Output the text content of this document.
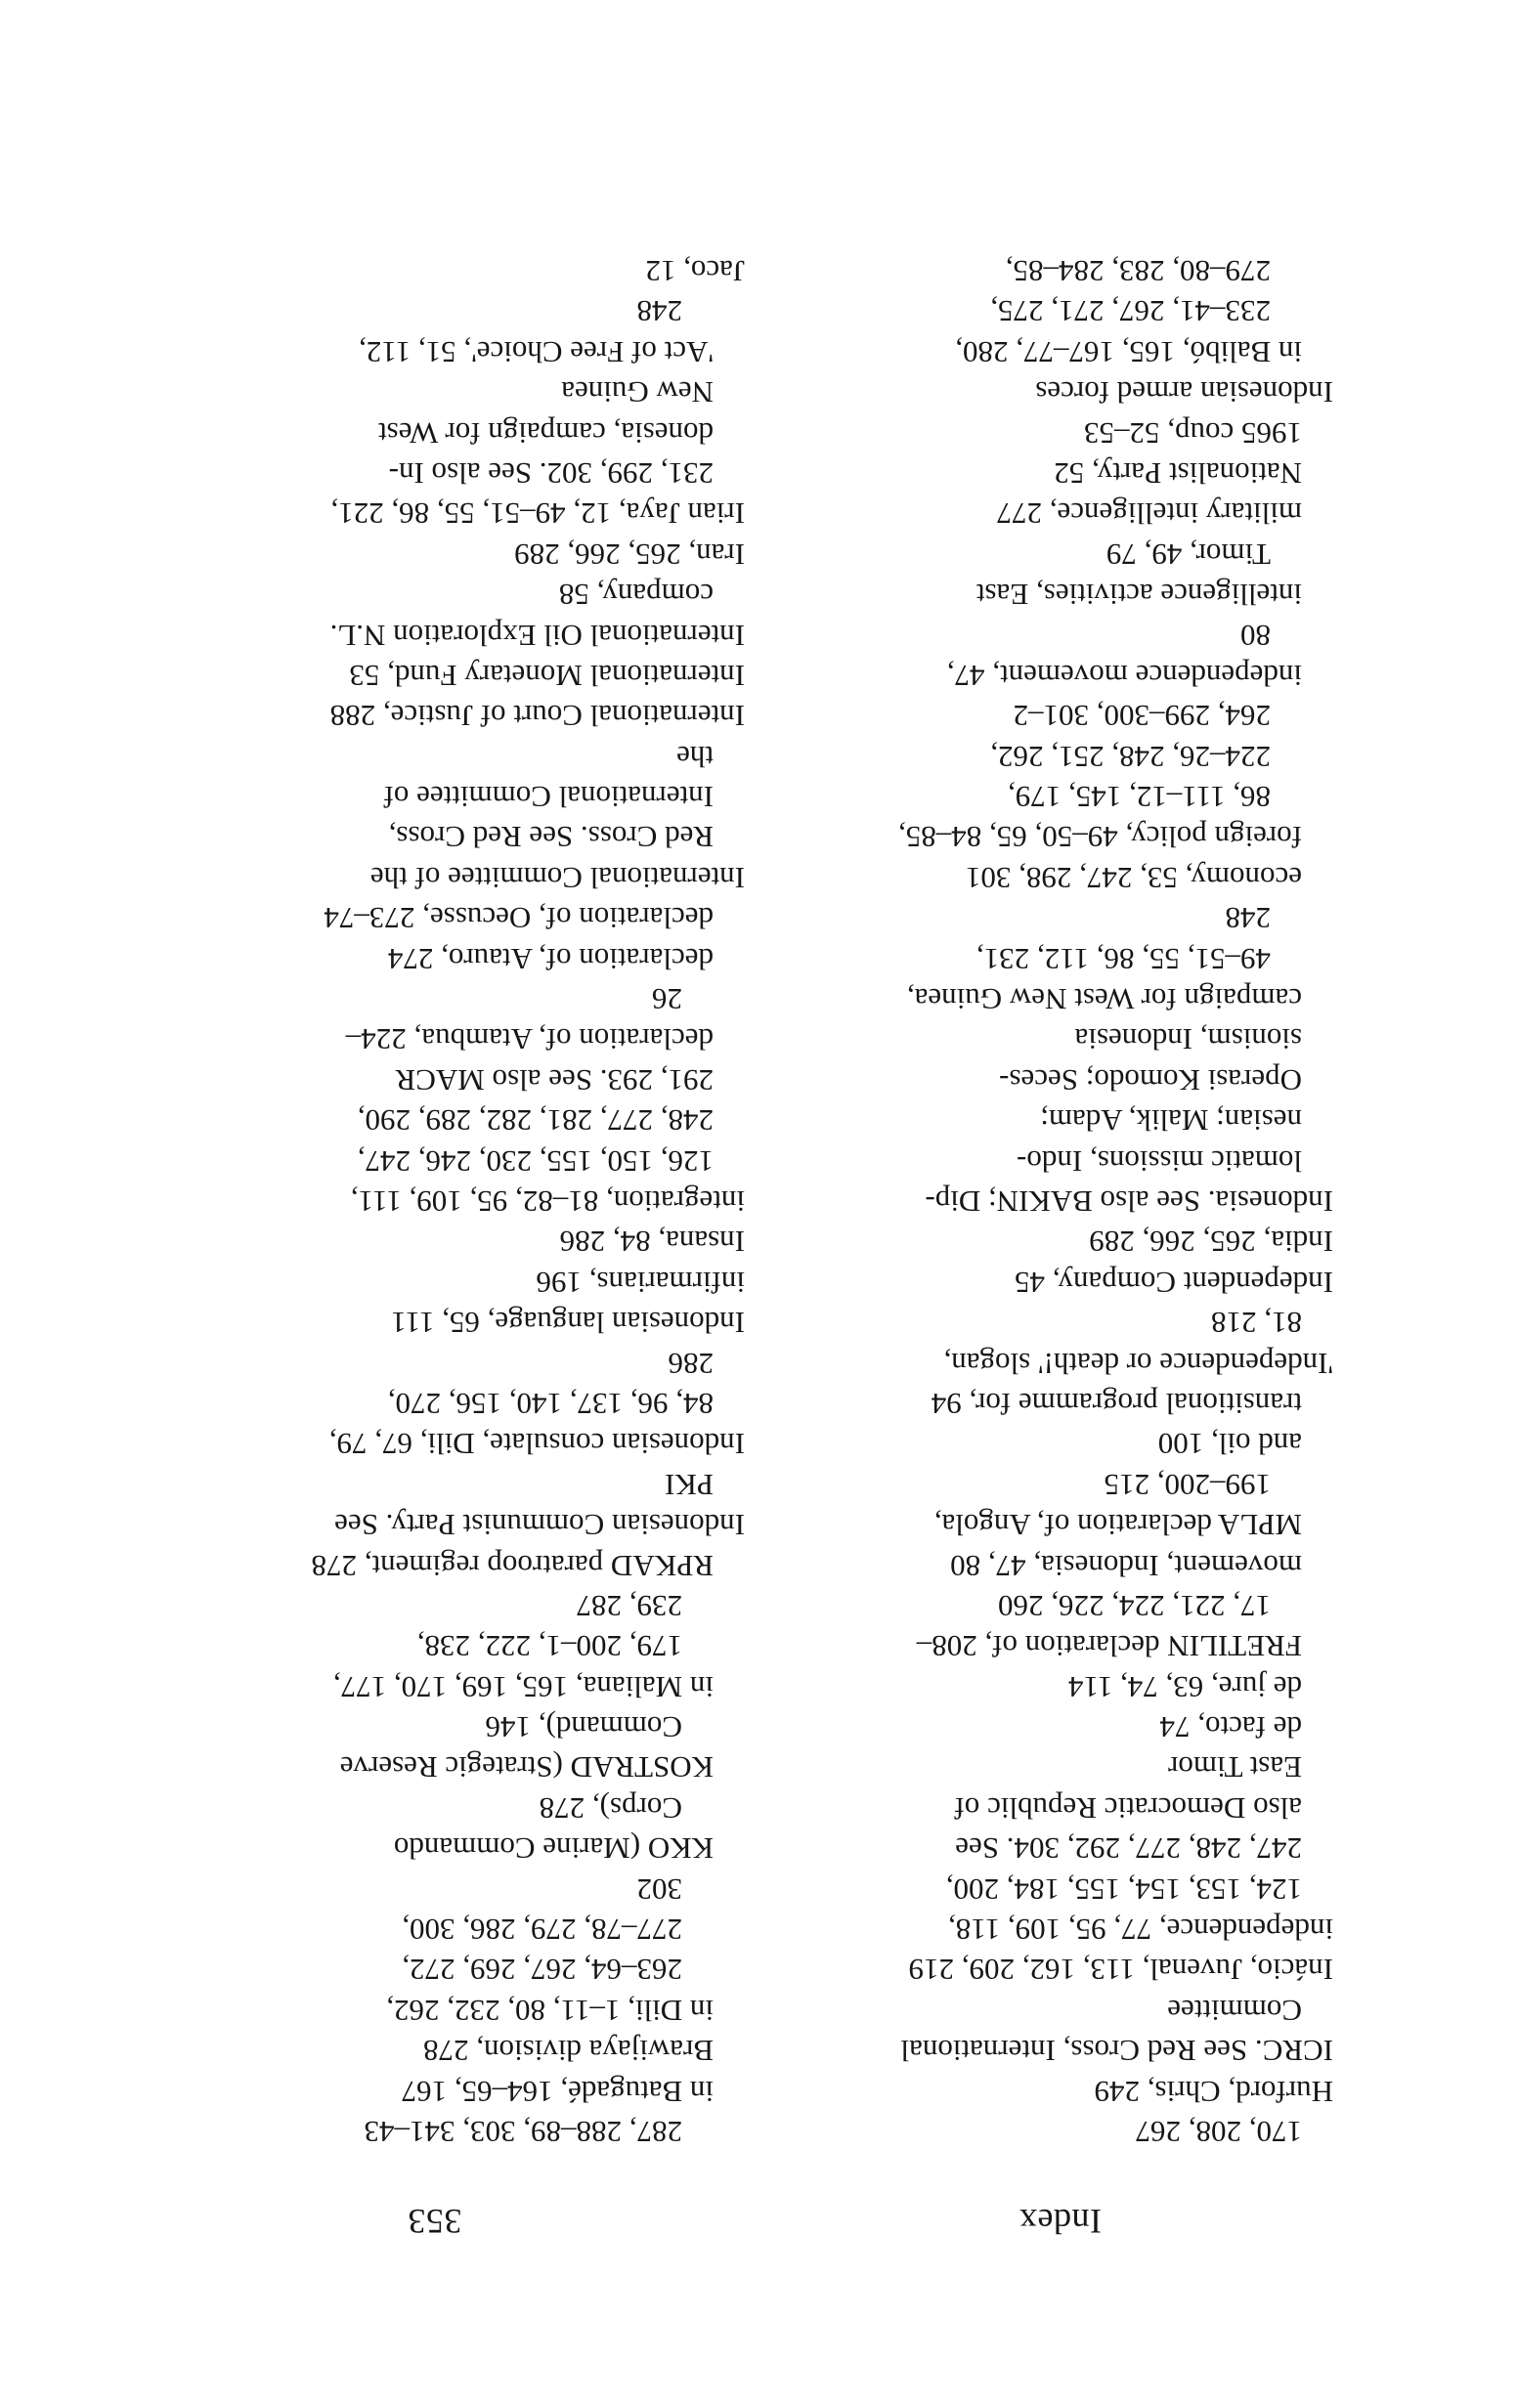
Index
353
170, 208, 267
Hurford, Chris, 249
ICRC. See Red Cross, International
Committee
Inácio, Juvenal, 113, 162, 209, 219
independence, 77, 95, 109, 118,
124, 153, 154, 155, 184, 200,
247, 248, 277, 292, 304. See
also Democratic Republic of
East Timor
de facto, 74
de jure, 63, 74, 114
FRETILIN declaration of, 208–
17, 221, 224, 226, 260
movement, Indonesia, 47, 80
MPLA declaration of, Angola,
199–200, 215
and oil, 100
transitional programme for, 94
'Independence or death!' slogan,
81, 218
Independent Company, 45
India, 265, 266, 289
Indonesia. See also BAKIN; Dip-
lomatic missions, Indo-
nesian; Malik, Adam;
Operasi Komodo; Seces-
sionism, Indonesia
campaign for West New Guinea,
49–51, 55, 86, 112, 231,
248
economy, 53, 247, 298, 301
foreign policy, 49–50, 65, 84–85,
86, 111–12, 145, 179,
224–26, 248, 251, 262,
264, 299–300, 301–2
independence movement, 47,
80
intelligence activities, East
Timor, 49, 79
military intelligence, 277
Nationalist Party, 52
1965 coup, 52–53
Indonesian armed forces
in Balibó, 165, 167–77, 280,
233–41, 267, 271, 275,
279–80, 283, 284–85,
287, 288–89, 303, 341–43
in Batugadé, 164–65, 167
Brawijaya division, 278
in Dili, 1–11, 80, 232, 262,
263–64, 267, 269, 272,
277–78, 279, 286, 300,
302
KKO (Marine Commando
Corps), 278
KOSTRAD (Strategic Reserve
Command), 146
in Maliana, 165, 169, 170, 177,
179, 200–1, 222, 238,
239, 287
RPKAD paratroop regiment, 278
Indonesian Communist Party. See
PKI
Indonesian consulate, Dili, 67, 79,
84, 96, 137, 140, 156, 270,
286
Indonesian language, 65, 111
infirmarians, 196
Insana, 84, 286
integration, 81–82, 95, 109, 111,
126, 150, 155, 230, 246, 247,
248, 277, 281, 282, 289, 290,
291, 293. See also MACR
declaration of, Atambua, 224–
26
declaration of, Atauro, 274
declaration of, Oecusse, 273–74
International Committee of the
Red Cross. See Red Cross,
International Committee of
the
International Court of Justice, 288
International Monetary Fund, 53
International Oil Exploration N.L.
company, 58
Iran, 265, 266, 289
Irian Jaya, 12, 49–51, 55, 86, 221,
231, 299, 302. See also In-
donesia, campaign for West
New Guinea
'Act of Free Choice', 51, 112,
248
Jaco, 12
